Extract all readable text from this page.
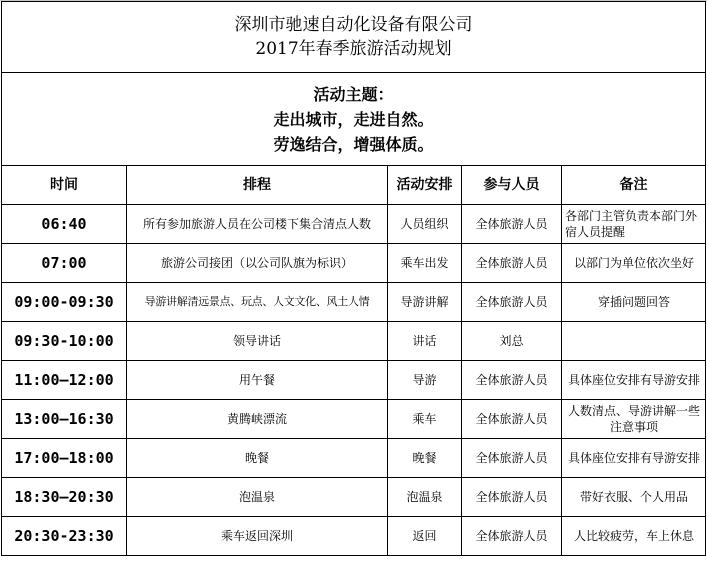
深圳市驰速自动化设备有限公司
2017年春季旅游活动规划				

活动主题：
走出城市，走进自然。
劳逸结合，增强体质。				

时间	排程	活动安排	参与人员	备注
06:40	所有参加旅游人员在公司楼下集合清点人数	人员组织	全体旅游人员	各部门主管负责本部门外宿人员提醒
07:00	旅游公司接团（以公司队旗为标识）	乘车出发	全体旅游人员	以部门为单位依次坐好
09:00-09:30	导游讲解清远景点、玩点、人文文化、风土人情	导游讲解	全体旅游人员	穿插问题回答
09:30-10:00	领导讲话	讲话	刘总	
11:00—12:00	用午餐	导游	全体旅游人员	具体座位安排有导游安排
13:00—16:30	黄腾峡漂流	乘车	全体旅游人员	人数清点、导游讲解一些注意事项
17:00—18:00	晚餐	晚餐	全体旅游人员	具体座位安排有导游安排
18:30—20:30	泡温泉	泡温泉	全体旅游人员	带好衣服、个人用品
20:30-23:30	乘车返回深圳	返回	全体旅游人员	人比较疲劳，车上休息
